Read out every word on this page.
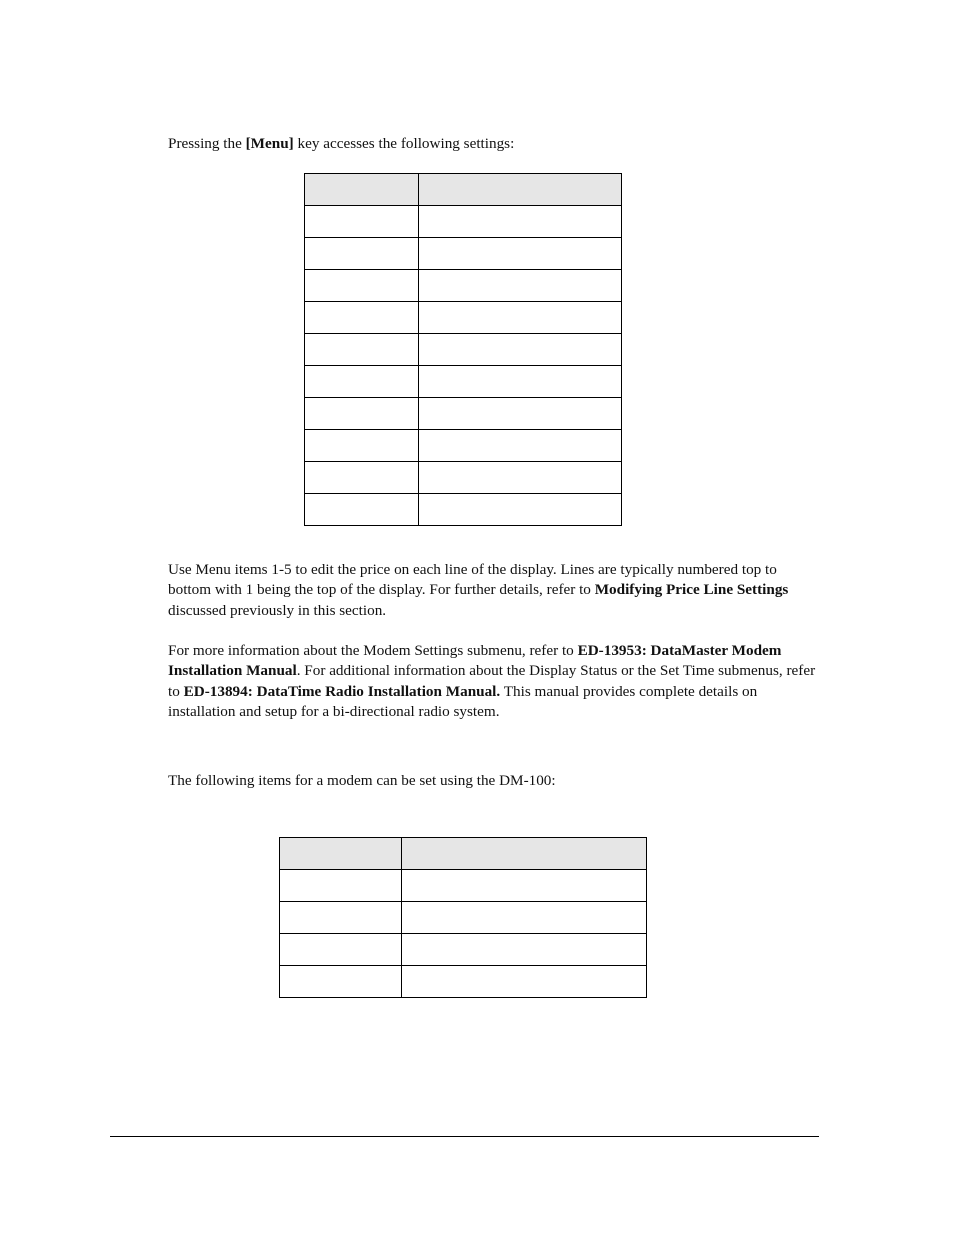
Pressing the [Menu] key accesses the following settings:

Use Menu items 1-5 to edit the price on each line of the display. Lines are typically numbered top to bottom with 1 being the top of the display. For further details, refer to Modifying Price Line Settings discussed previously in this section.

For more information about the Modem Settings submenu, refer to ED-13953: DataMaster Modem Installation Manual. For additional information about the Display Status or the Set Time submenus, refer to ED-13894: DataTime Radio Installation Manual. This manual provides complete details on installation and setup for a bi-directional radio system.

The following items for a modem can be set using the DM-100:
